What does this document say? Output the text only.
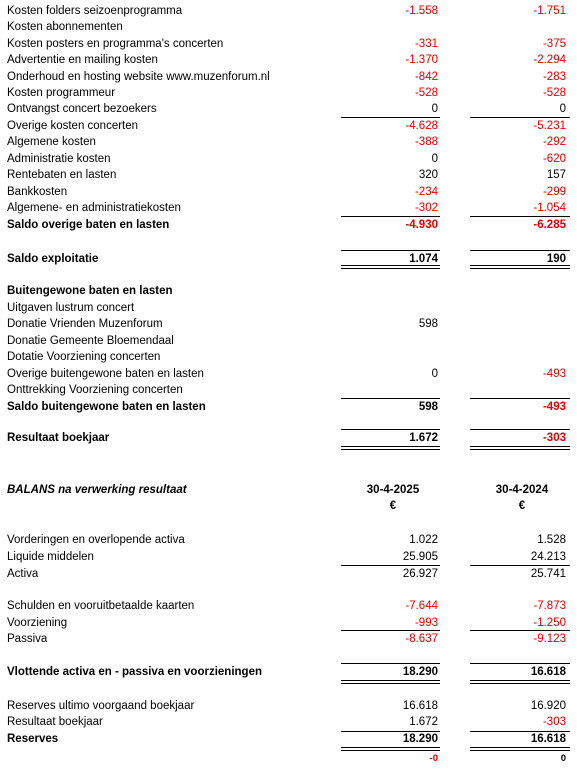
Kosten folders seizoenprogramma	-1.558	-1.751
Kosten abonnementen
Kosten posters en programma's concerten	-331	-375
Advertentie en mailing kosten	-1.370	-2.294
Onderhoud en hosting website www.muzenforum.nl	-842	-283
Kosten programmeur	-528	-528
Ontvangst concert bezoekers	0	0
Overige kosten concerten	-4.628	-5.231
Algemene kosten	-388	-292
Administratie kosten	0	-620
Rentebaten en lasten	320	157
Bankkosten	-234	-299
Algemene- en administratiekosten	-302	-1.054
Saldo overige baten en lasten	-4.930	-6.285
Saldo exploitatie	1.074	190
Buitengewone baten en lasten
Uitgaven lustrum concert
Donatie Vrienden Muzenforum	598
Donatie Gemeente Bloemendaal
Dotatie Voorziening concerten
Overige buitengewone baten en lasten	0	-493
Onttrekking Voorziening concerten
Saldo buitengewone baten en lasten	598	-493
Resultaat boekjaar	1.672	-303
BALANS na verwerking resultaat	30-4-2025	30-4-2024
€	€
Vorderingen en overlopende activa	1.022	1.528
Liquide middelen	25.905	24.213
Activa	26.927	25.741
Schulden en vooruitbetaalde kaarten	-7.644	-7.873
Voorziening	-993	-1.250
Passiva	-8.637	-9.123
Vlottende activa en - passiva en voorzieningen	18.290	16.618
Reserves ultimo voorgaand boekjaar	16.618	16.920
Resultaat boekjaar	1.672	-303
Reserves	18.290	16.618
-0	0
